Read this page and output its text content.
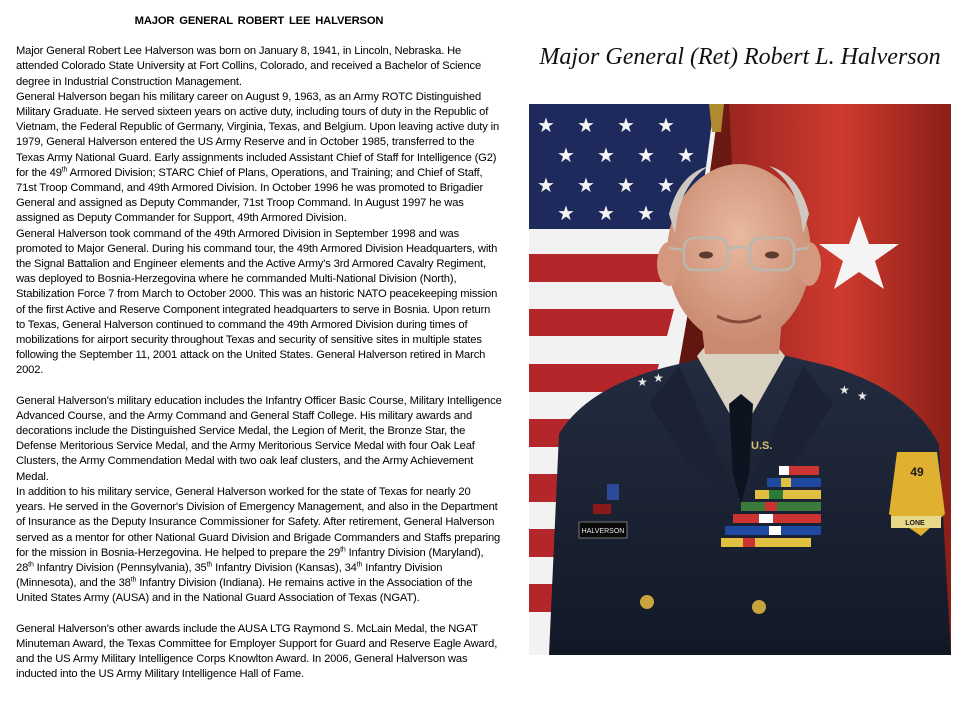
MAJOR GENERAL ROBERT LEE HALVERSON

Major General Robert Lee Halverson was born on January 8, 1941, in Lincoln, Nebraska. He attended Colorado State University at Fort Collins, Colorado, and received a Bachelor of Science degree in Industrial Construction Management.

General Halverson began his military career on August 9, 1963, as an Army ROTC Distinguished Military Graduate. He served sixteen years on active duty, including tours of duty in the Republic of Vietnam, the Federal Republic of Germany, Virginia, Texas, and Belgium. Upon leaving active duty in 1979, General Halverson entered the US Army Reserve and in October 1985, transferred to the Texas Army National Guard. Early assignments included Assistant Chief of Staff for Intelligence (G2) for the 49th Armored Division; STARC Chief of Plans, Operations, and Training; and Chief of Staff, 71st Troop Command, and 49th Armored Division. In October 1996 he was promoted to Brigadier General and assigned as Deputy Commander, 71st Troop Command. In August 1997 he was assigned as Deputy Commander for Support, 49th Armored Division.

General Halverson took command of the 49th Armored Division in September 1998 and was promoted to Major General. During his command tour, the 49th Armored Division Headquarters, with the Signal Battalion and Engineer elements and the Active Army's 3rd Armored Cavalry Regiment, was deployed to Bosnia-Herzegovina where he commanded Multi-National Division (North), Stabilization Force 7 from March to October 2000. This was an historic NATO peacekeeping mission of the first Active and Reserve Component integrated headquarters to serve in Bosnia. Upon return to Texas, General Halverson continued to command the 49th Armored Division during times of mobilizations for airport security throughout Texas and security of sensitive sites in multiple states following the September 11, 2001 attack on the United States. General Halverson retired in March 2002.

General Halverson's military education includes the Infantry Officer Basic Course, Military Intelligence Advanced Course, and the Army Command and General Staff College. His military awards and decorations include the Distinguished Service Medal, the Legion of Merit, the Bronze Star, the Defense Meritorious Service Medal, and the Army Meritorious Service Medal with four Oak Leaf Clusters, the Army Commendation Medal with two oak leaf clusters, and the Army Achievement Medal.

In addition to his military service, General Halverson worked for the state of Texas for nearly 20 years. He served in the Governor's Division of Emergency Management, and also in the Department of Insurance as the Deputy Insurance Commissioner for Safety. After retirement, General Halverson served as a mentor for other National Guard Division and Brigade Commanders and Staffs preparing for the mission in Bosnia-Herzegovina. He helped to prepare the 29th Infantry Division (Maryland), 28th Infantry Division (Pennsylvania), 35th Infantry Division (Kansas), 34th Infantry Division (Minnesota), and the 38th Infantry Division (Indiana). He remains active in the Association of the United States Army (AUSA) and in the National Guard Association of Texas (NGAT).

General Halverson's other awards include the AUSA LTG Raymond S. McLain Medal, the NGAT Minuteman Award, the Texas Committee for Employer Support for Guard and Reserve Eagle Award, and the US Army Military Intelligence Corps Knowlton Award. In 2006, General Halverson was inducted into the US Army Military Intelligence Hall of Fame.

Major General (Ret) Robert L. Halverson
★ ★ ★ ★
★ ★ ★ ★
★ ★ ★ ★
★ ★ ★
★ ★
★ ★
U.S.
HALVERSON
49
LONE
